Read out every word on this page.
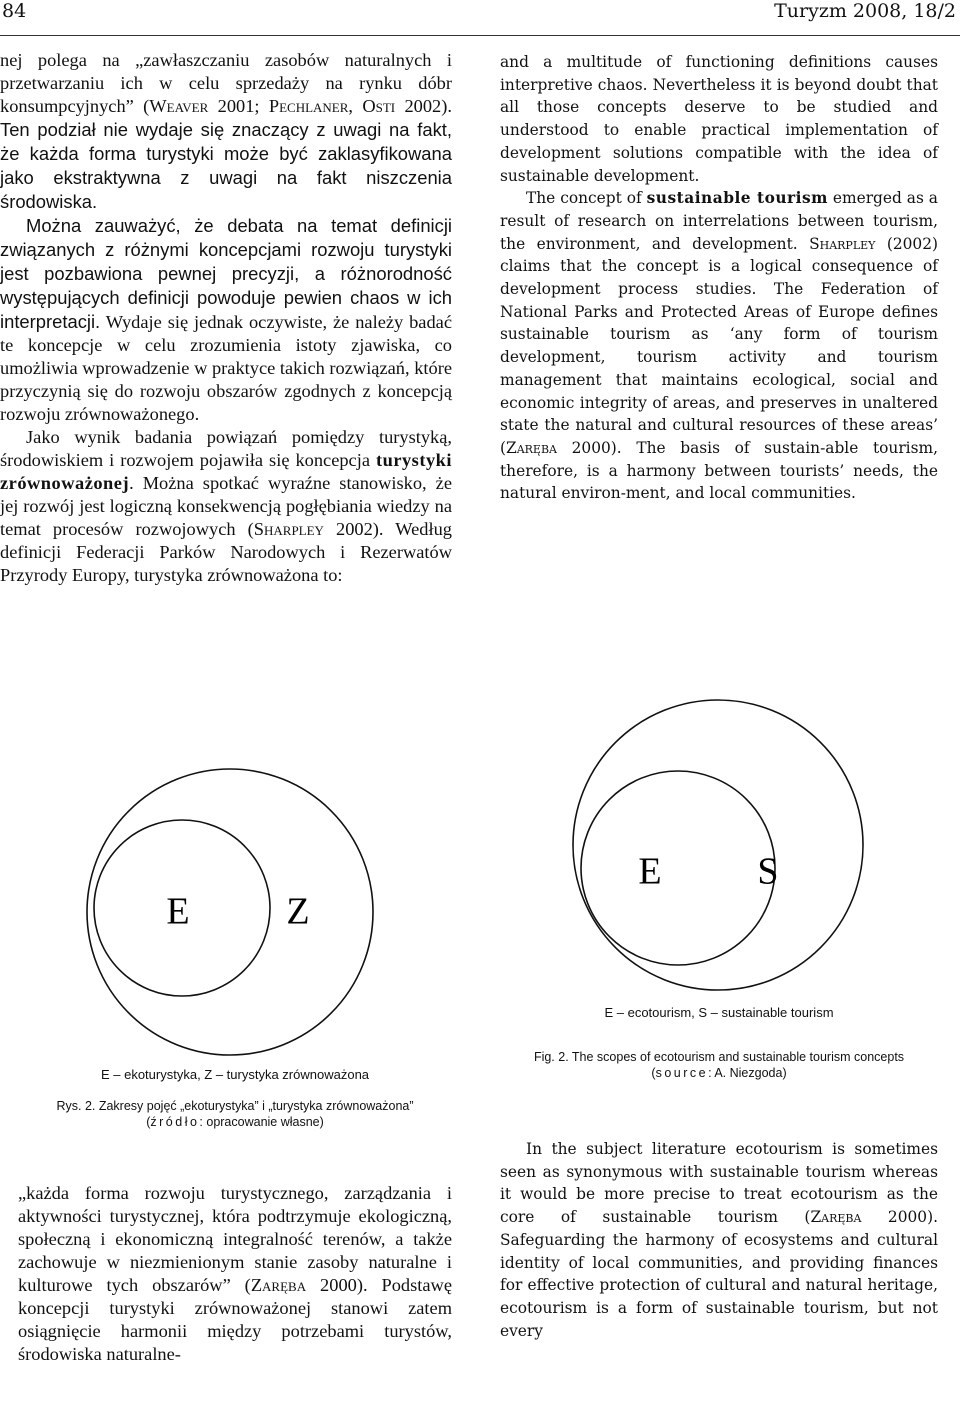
84	Turyzm 2008, 18/2

nej polega na „zawłaszczaniu zasobów naturalnych i przetwarzaniu ich w celu sprzedaży na rynku dóbr konsumpcyjnych” (Weaver 2001; Pechlaner, Osti 2002). Ten podział nie wydaje się znaczący z uwagi na fakt, że każda forma turystyki może być zaklasyfikowana jako ekstraktywna z uwagi na fakt niszczenia środowiska.

Można zauważyć, że debata na temat definicji związanych z różnymi koncepcjami rozwoju turystyki jest pozbawiona pewnej precyzji, a różnorodność występujących definicji powoduje pewien chaos w ich interpretacji. Wydaje się jednak oczywiste, że należy badać te koncepcje w celu zrozumienia istoty zjawiska, co umożliwia wprowadzenie w praktyce takich rozwiązań, które przyczynią się do rozwoju obszarów zgodnych z koncepcją rozwoju zrównoważonego.

Jako wynik badania powiązań pomiędzy turystyką, środowiskiem i rozwojem pojawiła się koncepcja turystyki zrównoważonej. Można spotkać wyraźne stanowisko, że jej rozwój jest logiczną konsekwencją pogłębiania wiedzy na temat procesów rozwojowych (Sharpley 2002). Według definicji Federacji Parków Narodowych i Rezerwatów Przyrody Europy, turystyka zrównoważona to:

and a multitude of functioning definitions causes interpretive chaos. Nevertheless it is beyond doubt that all those concepts deserve to be studied and understood to enable practical implementation of development solutions compatible with the idea of sustainable development.

The concept of sustainable tourism emerged as a result of research on interrelations between tourism, the environment, and development. Sharpley (2002) claims that the concept is a logical consequence of development process studies. The Federation of National Parks and Protected Areas of Europe defines sustainable tourism as ‘any form of tourism development, tourism activity and tourism management that maintains ecological, social and economic integrity of areas, and preserves in unaltered state the natural and cultural resources of these areas’ (Zaręba 2000). The basis of sustain-able tourism, therefore, is a harmony between tourists’ needs, the natural environ-ment, and local communities.

E	Z
E	S
E – ecotourism, S – sustainable tourism
Fig. 2. The scopes of ecotourism and sustainable tourism concepts
(source: A. Niezgoda)
E – ekoturystyka, Z – turystyka zrównoważona
Rys. 2. Zakresy pojęć „ekoturystyka” i „turystyka zrównoważona”
(źródło: opracowanie własne)

„każda forma rozwoju turystycznego, zarządzania i aktywności turystycznej, która podtrzymuje ekologiczną, społeczną i ekonomiczną integralność terenów, a także zachowuje w niezmienionym stanie zasoby naturalne i kulturowe tych obszarów” (Zaręba 2000). Podstawę koncepcji turystyki zrównoważonej stanowi zatem osiągnięcie harmonii między potrzebami turystów, środowiska naturalne-

In the subject literature ecotourism is sometimes seen as synonymous with sustainable tourism whereas it would be more precise to treat ecotourism as the core of sustainable tourism (Zaręba 2000). Safeguarding the harmony of ecosystems and cultural identity of local communities, and providing finances for effective protection of cultural and natural heritage, ecotourism is a form of sustainable tourism, but not every
